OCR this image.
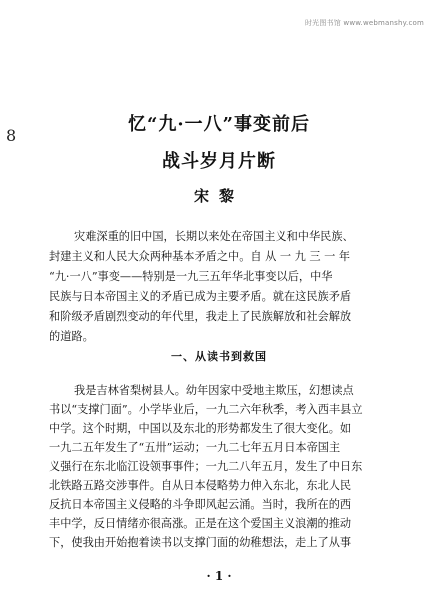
时光图书馆 www.webmanshy.com
8
忆“九·一八”事变前后
战斗岁月片断
宋黎
灾难深重的旧中国，长期以来处在帝国主义和中华民族、
封建主义和人民大众两种基本矛盾之中。自 从 一 九 三 一 年
“九·一八”事变——特别是一九三五年华北事变以后，中华
民族与日本帝国主义的矛盾已成为主要矛盾。就在这民族矛盾
和阶级矛盾剧烈变动的年代里，我走上了民族解放和社会解放
的道路。
一、从读书到救国
我是吉林省梨树县人。幼年因家中受地主欺压，幻想读点
书以“支撑门面”。小学毕业后，一九二六年秋季，考入西丰县立
中学。这个时期，中国以及东北的形势都发生了很大变化。如
一九二五年发生了“五卅”运动；一九二七年五月日本帝国主
义强行在东北临江设领事事件；一九二八年五月，发生了中日东
北铁路五路交涉事件。自从日本侵略势力伸入东北，东北人民
反抗日本帝国主义侵略的斗争即风起云涌。当时，我所在的西
丰中学，反日情绪亦很高涨。正是在这个爱国主义浪潮的推动
下，使我由开始抱着读书以支撑门面的幼稚想法，走上了从事
· 1 ·
